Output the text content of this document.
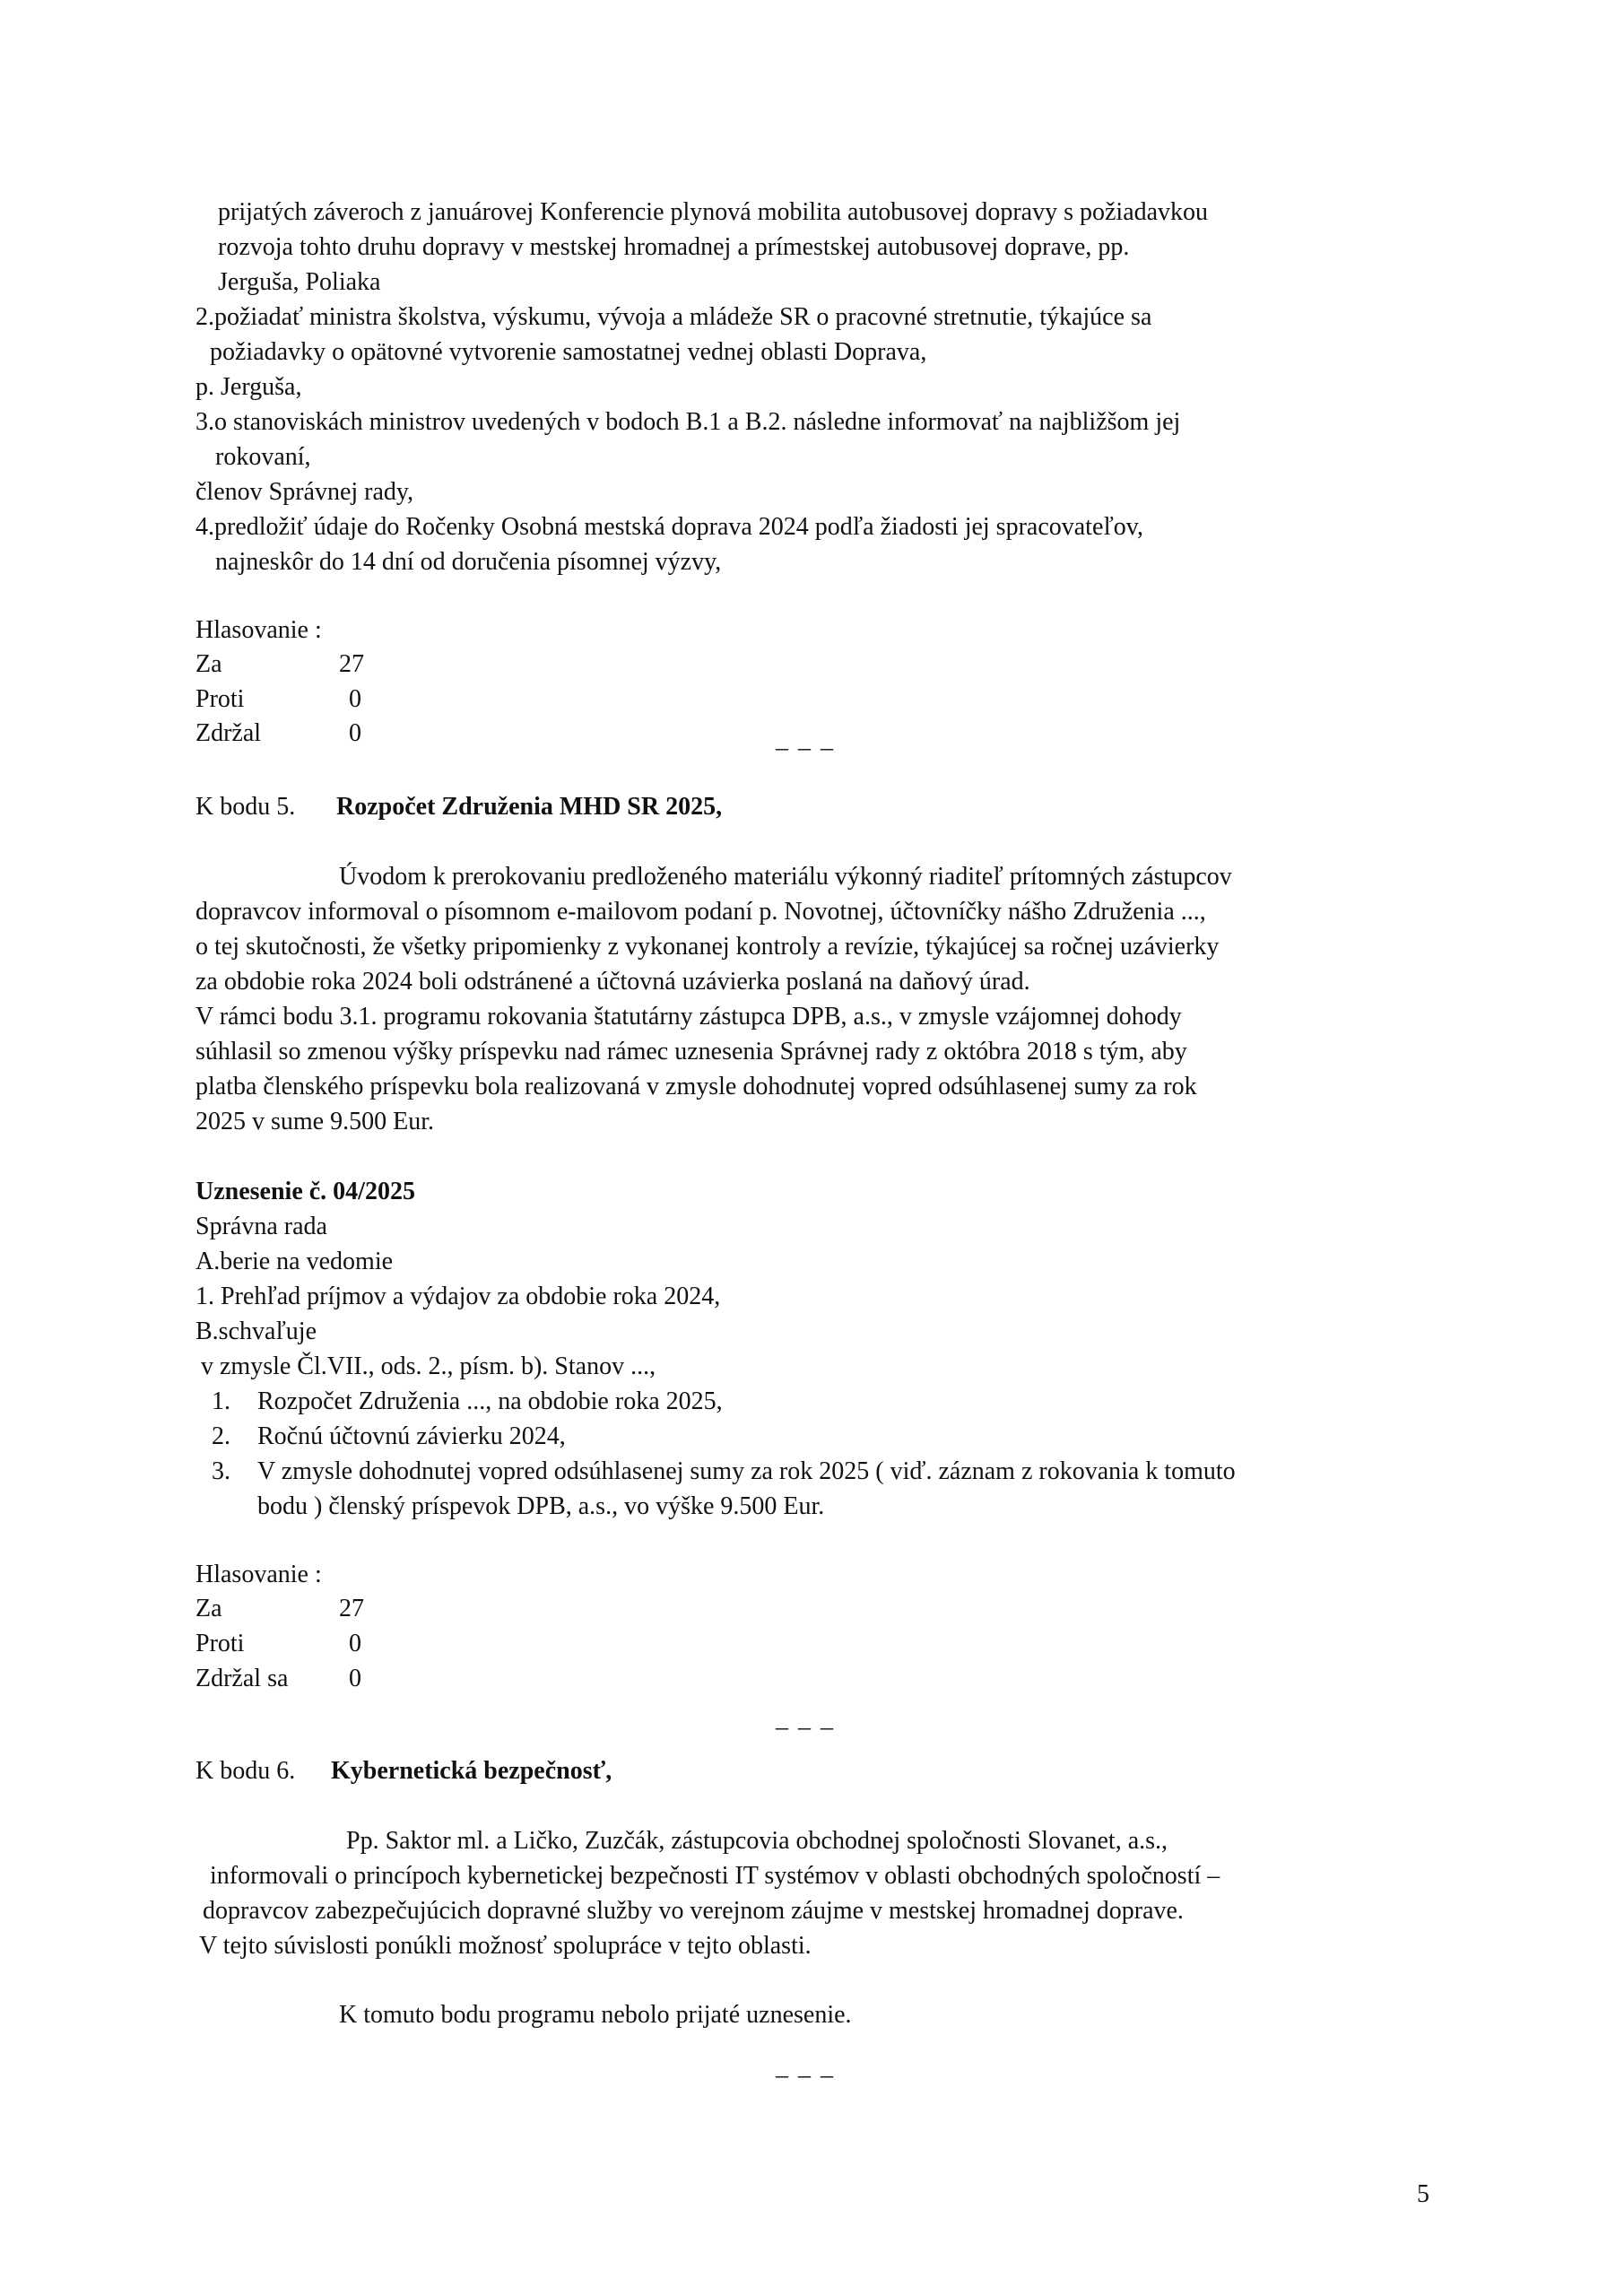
prijatých záveroch z januárovej Konferencie plynová mobilita autobusovej dopravy s požiadavkou

rozvoja tohto druhu dopravy v mestskej hromadnej a prímestskej autobusovej doprave, pp.

Jerguša, Poliaka

2.požiadať ministra školstva, výskumu, vývoja a mládeže SR o pracovné stretnutie, týkajúce sa

požiadavky o opätovné vytvorenie samostatnej vednej oblasti Doprava,

p. Jerguša,

3.o stanoviskách ministrov uvedených v bodoch B.1 a B.2. následne informovať na najbližšom jej

rokovaní,

členov Správnej rady,

4.predložiť údaje do Ročenky Osobná mestská doprava 2024 podľa žiadosti jej spracovateľov,

najneskôr do 14 dní od doručenia písomnej výzvy,

Hlasovanie :

Za	27

Proti	0

Zdržal	0	_ _ _

K bodu 5. Rozpočet Združenia MHD SR 2025,

Úvodom k prerokovaniu predloženého materiálu výkonný riaditeľ prítomných zástupcov

dopravcov informoval o písomnom e-mailovom podaní p. Novotnej, účtovníčky nášho Združenia ...,

o tej skutočnosti, že všetky pripomienky z vykonanej kontroly a revízie, týkajúcej sa ročnej uzávierky

za obdobie roka 2024 boli odstránené a účtovná uzávierka poslaná na daňový úrad.

V rámci bodu 3.1. programu rokovania štatutárny zástupca DPB, a.s., v zmysle vzájomnej dohody

súhlasil so zmenou výšky príspevku nad rámec uznesenia Správnej rady z októbra 2018 s tým, aby

platba členského príspevku bola realizovaná v zmysle dohodnutej vopred odsúhlasenej sumy za rok

2025 v sume 9.500 Eur.

Uznesenie č. 04/2025

Správna rada

A.berie na vedomie

1. Prehľad príjmov a výdajov za obdobie roka 2024,

B.schvaľuje

v zmysle Čl.VII., ods. 2., písm. b). Stanov ...,

1. Rozpočet Združenia ..., na obdobie roka 2025,

2. Ročnú účtovnú závierku 2024,

3. V zmysle dohodnutej vopred odsúhlasenej sumy za rok 2025 ( viď. záznam z rokovania k tomuto

bodu ) členský príspevok DPB, a.s., vo výške 9.500 Eur.

Hlasovanie :

Za	27

Proti	0

Zdržal sa 0
_ _ _

K bodu 6. Kybernetická bezpečnosť,

Pp. Saktor ml. a Ličko, Zuzčák, zástupcovia obchodnej spoločnosti Slovanet, a.s.,

informovali o princípoch kybernetickej bezpečnosti IT systémov v oblasti obchodných spoločností –

dopravcov zabezpečujúcich dopravné služby vo verejnom záujme v mestskej hromadnej doprave.

V tejto súvislosti ponúkli možnosť spolupráce v tejto oblasti.

K tomuto bodu programu nebolo prijaté uznesenie.

_ _ _
5
